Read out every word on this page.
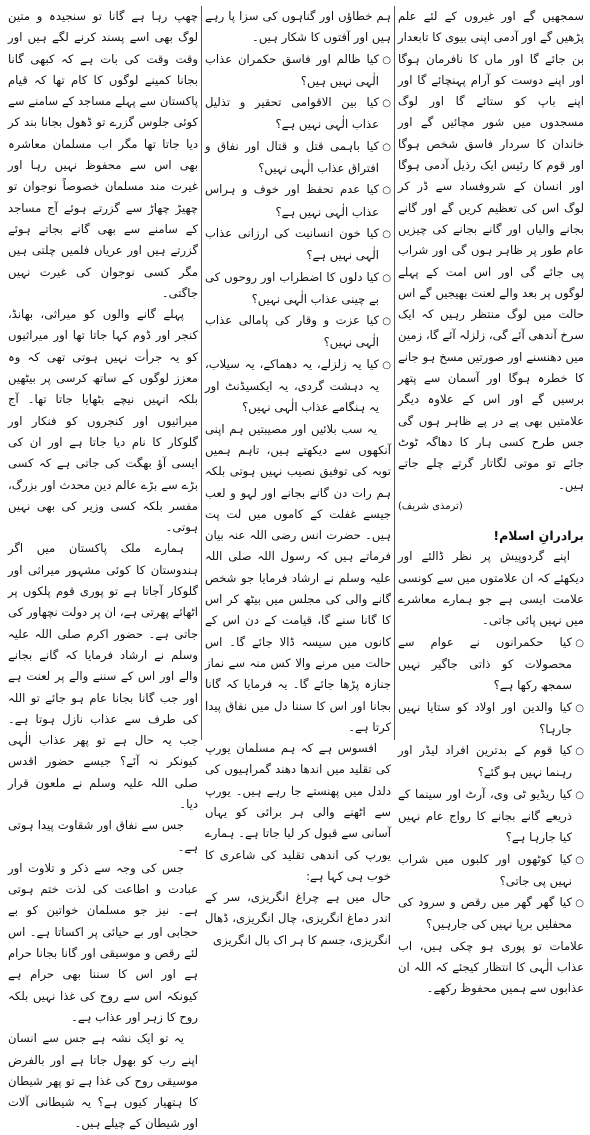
سمجھیں گے اور غیروں کے لئے علم پڑھیں گے اور آدمی اپنی بیوی کا تابعدار بن جائے گا اور ماں کا نافرمان ہوگا اور اپنے دوست کو آرام پہنچائے گا اور اپنے باپ کو ستائے گا اور لوگ مسجدوں میں شور مچائیں گے اور خاندان کا سردار فاسق شخص ہوگا اور قوم کا رئیس ایک رذیل آدمی ہوگا اور انسان کے شروفساد سے ڈر کر لوگ اس کی تعظیم کریں گے اور گانے بجانے والیاں اور گانے بجانے کی چیزیں عام طور پر ظاہر ہوں گی اور شراب پی جائے گی اور اس امت کے پہلے لوگوں پر بعد والے لعنت بھیجیں گے اس حالت میں لوگ منتظر رہیں کہ ایک سرخ آندھی آئے گی، زلزلہ آئے گا، زمین میں دھنسنے اور صورتیں مسخ ہو جانے کا خطرہ ہوگا اور آسمان سے پتھر برسیں گے اور اس کے علاوہ دیگر علامتیں بھی پے در پے ظاہر ہوں گی جس طرح کسی ہار کا دھاگہ ٹوٹ جائے تو موتی لگاتار گرتے چلے جاتے ہیں۔

(ترمذی شریف)

برادرانِ اسلام!

اپنے گردوپیش پر نظر ڈالئے اور دیکھئے کہ ان علامتوں میں سے کونسی علامت ایسی ہے جو ہمارے معاشرے میں نہیں پائی جاتی۔

○کیا حکمرانوں نے عوام سے محصولات کو ذاتی جاگیر نہیں سمجھ رکھا ہے؟

○کیا والدین اور اولاد کو ستایا نہیں جارہا؟

○کیا قوم کے بدترین افراد لیڈر اور رہنما نہیں ہو گئے؟

○کیا ریڈیو ٹی وی، آرٹ اور سینما کے ذریعے گانے بجانے کا رواج عام نہیں کیا جارہا ہے؟

○کیا کوٹھوں اور کلبوں میں شراب نہیں پی جاتی؟

○کیا گھر گھر میں رقص و سرود کی محفلیں برپا نہیں کی جارہیں؟

علامات تو پوری ہو چکی ہیں، اب عذاب الٰہی کا انتظار کیجئے کہ اللہ ان عذابوں سے ہمیں محفوظ رکھے۔

ہم خطاؤں اور گناہوں کی سزا پا رہے ہیں اور آفتوں کا شکار ہیں۔

○کیا ظالم اور فاسق حکمران عذاب الٰہی نہیں ہیں؟

○کیا بین الاقوامی تحقیر و تذلیل عذاب الٰہی نہیں ہے؟

○کیا باہمی قتل و قتال اور نفاق و افتراق عذاب الٰہی نہیں؟

○کیا عدم تحفظ اور خوف و ہراس عذاب الٰہی نہیں ہے؟

○کیا خون انسانیت کی ارزانی عذاب الٰہی نہیں ہے؟

○کیا دلوں کا اضطراب اور روحوں کی بے چینی عذاب الٰہی نہیں؟

○کیا عزت و وقار کی پامالی عذاب الٰہی نہیں؟

○کیا یہ زلزلے، یہ دھماکے، یہ سیلاب، یہ دہشت گردی، یہ ایکسیڈنٹ اور یہ ہنگامے عذاب الٰہی نہیں؟

یہ سب بلائیں اور مصیبتیں ہم اپنی آنکھوں سے دیکھتے ہیں، تاہم ہمیں توبہ کی توفیق نصیب نہیں ہوتی بلکہ ہم رات دن گانے بجانے اور لہو و لعب جیسے غفلت کے کاموں میں لت پت ہیں۔ حضرت انس رضی اللہ عنہ بیان فرماتے ہیں کہ رسول اللہ صلی اللہ علیہ وسلم نے ارشاد فرمایا جو شخص گانے والی کی مجلس میں بیٹھ کر اس کا گانا سنے گا، قیامت کے دن اس کے کانوں میں سیسہ ڈالا جائے گا۔ اس حالت میں مرنے والا کس منہ سے نماز جنازہ پڑھا جائے گا۔ یہ فرمایا کہ گانا بجانا اور اس کا سننا دل میں نفاق پیدا کرتا ہے۔

افسوس ہے کہ ہم مسلمان یورپ کی تقلید میں اندھا دھند گمراہیوں کی دلدل میں پھنستے جا رہے ہیں۔ یورپ سے اٹھنے والی ہر برائی کو یہاں آسانی سے قبول کر لیا جاتا ہے۔ ہمارے یورپ کی اندھی تقلید کی شاعری کا خوب ہی کہا ہے:

حال میں ہے چراغ انگریزی، سر کے اندر دماغ انگریزی، چال انگریزی، ڈھال انگریزی، جسم کا ہر اک بال انگریزی

چھپ رہا ہے گانا تو سنجیدہ و متین لوگ بھی اسے پسند کرنے لگے ہیں اور وقت وقت کی بات ہے کہ کبھی گانا بجانا کمینے لوگوں کا کام تھا کہ قیام پاکستان سے پہلے مساجد کے سامنے سے کوئی جلوس گزرے تو ڈھول بجانا بند کر دیا جاتا تھا مگر اب مسلمان معاشرہ بھی اس سے محفوظ نہیں رہا اور غیرت مند مسلمان خصوصاً نوجوان تو چھیڑ چھاڑ سے گزرتے ہوئے آج مساجد کے سامنے سے بھی گانے بجاتے ہوئے گزرتے ہیں اور عریاں فلمیں چلتی ہیں مگر کسی نوجوان کی غیرت نہیں جاگتی۔

پہلے گانے والوں کو میراثی، بھانڈ، کنجر اور ڈوم کہا جاتا تھا اور میراثیوں کو یہ جرأت نہیں ہوتی تھی کہ وہ معزز لوگوں کے ساتھ کرسی پر بیٹھیں بلکہ انہیں نیچے بٹھایا جاتا تھا۔ آج میراثیوں اور کنجروں کو فنکار اور گلوکار کا نام دیا جاتا ہے اور ان کی ایسی آؤ بھگت کی جاتی ہے کہ کسی بڑے سے بڑے عالم دین محدث اور بزرگ، مفسر بلکہ کسی وزیر کی بھی نہیں ہوتی۔

ہمارے ملک پاکستان میں اگر ہندوستان کا کوئی مشہور میراثی اور گلوکار آجاتا ہے تو پوری قوم پلکوں پر اٹھائے پھرتی ہے، ان پر دولت نچھاور کی جاتی ہے۔ حضور اکرم صلی اللہ علیہ وسلم نے ارشاد فرمایا کہ گانے بجانے والے اور اس کے سننے والے پر لعنت ہے اور جب گانا بجانا عام ہو جائے تو اللہ کی طرف سے عذاب نازل ہوتا ہے۔ جب یہ حال ہے تو پھر عذاب الٰہی کیونکر نہ آئے؟ جیسے حضور اقدس صلی اللہ علیہ وسلم نے ملعون قرار دیا۔

جس سے نفاق اور شقاوت پیدا ہوتی ہے۔

جس کی وجہ سے ذکر و تلاوت اور عبادت و اطاعت کی لذت ختم ہوتی ہے۔ نیز جو مسلمان خواتین کو بے حجابی اور بے حیائی پر اکساتا ہے۔ اس لئے رقص و موسیقی اور گانا بجانا حرام ہے اور اس کا سننا بھی حرام ہے کیونکہ اس سے روح کی غذا نہیں بلکہ روح کا زہر اور عذاب ہے۔

یہ تو ایک نشہ ہے جس سے انسان اپنے رب کو بھول جاتا ہے اور بالفرض موسیقی روح کی غذا ہے تو پھر شیطان کا ہتھیار کیوں ہے؟ یہ شیطانی آلات اور شیطان کے چیلے ہیں۔
